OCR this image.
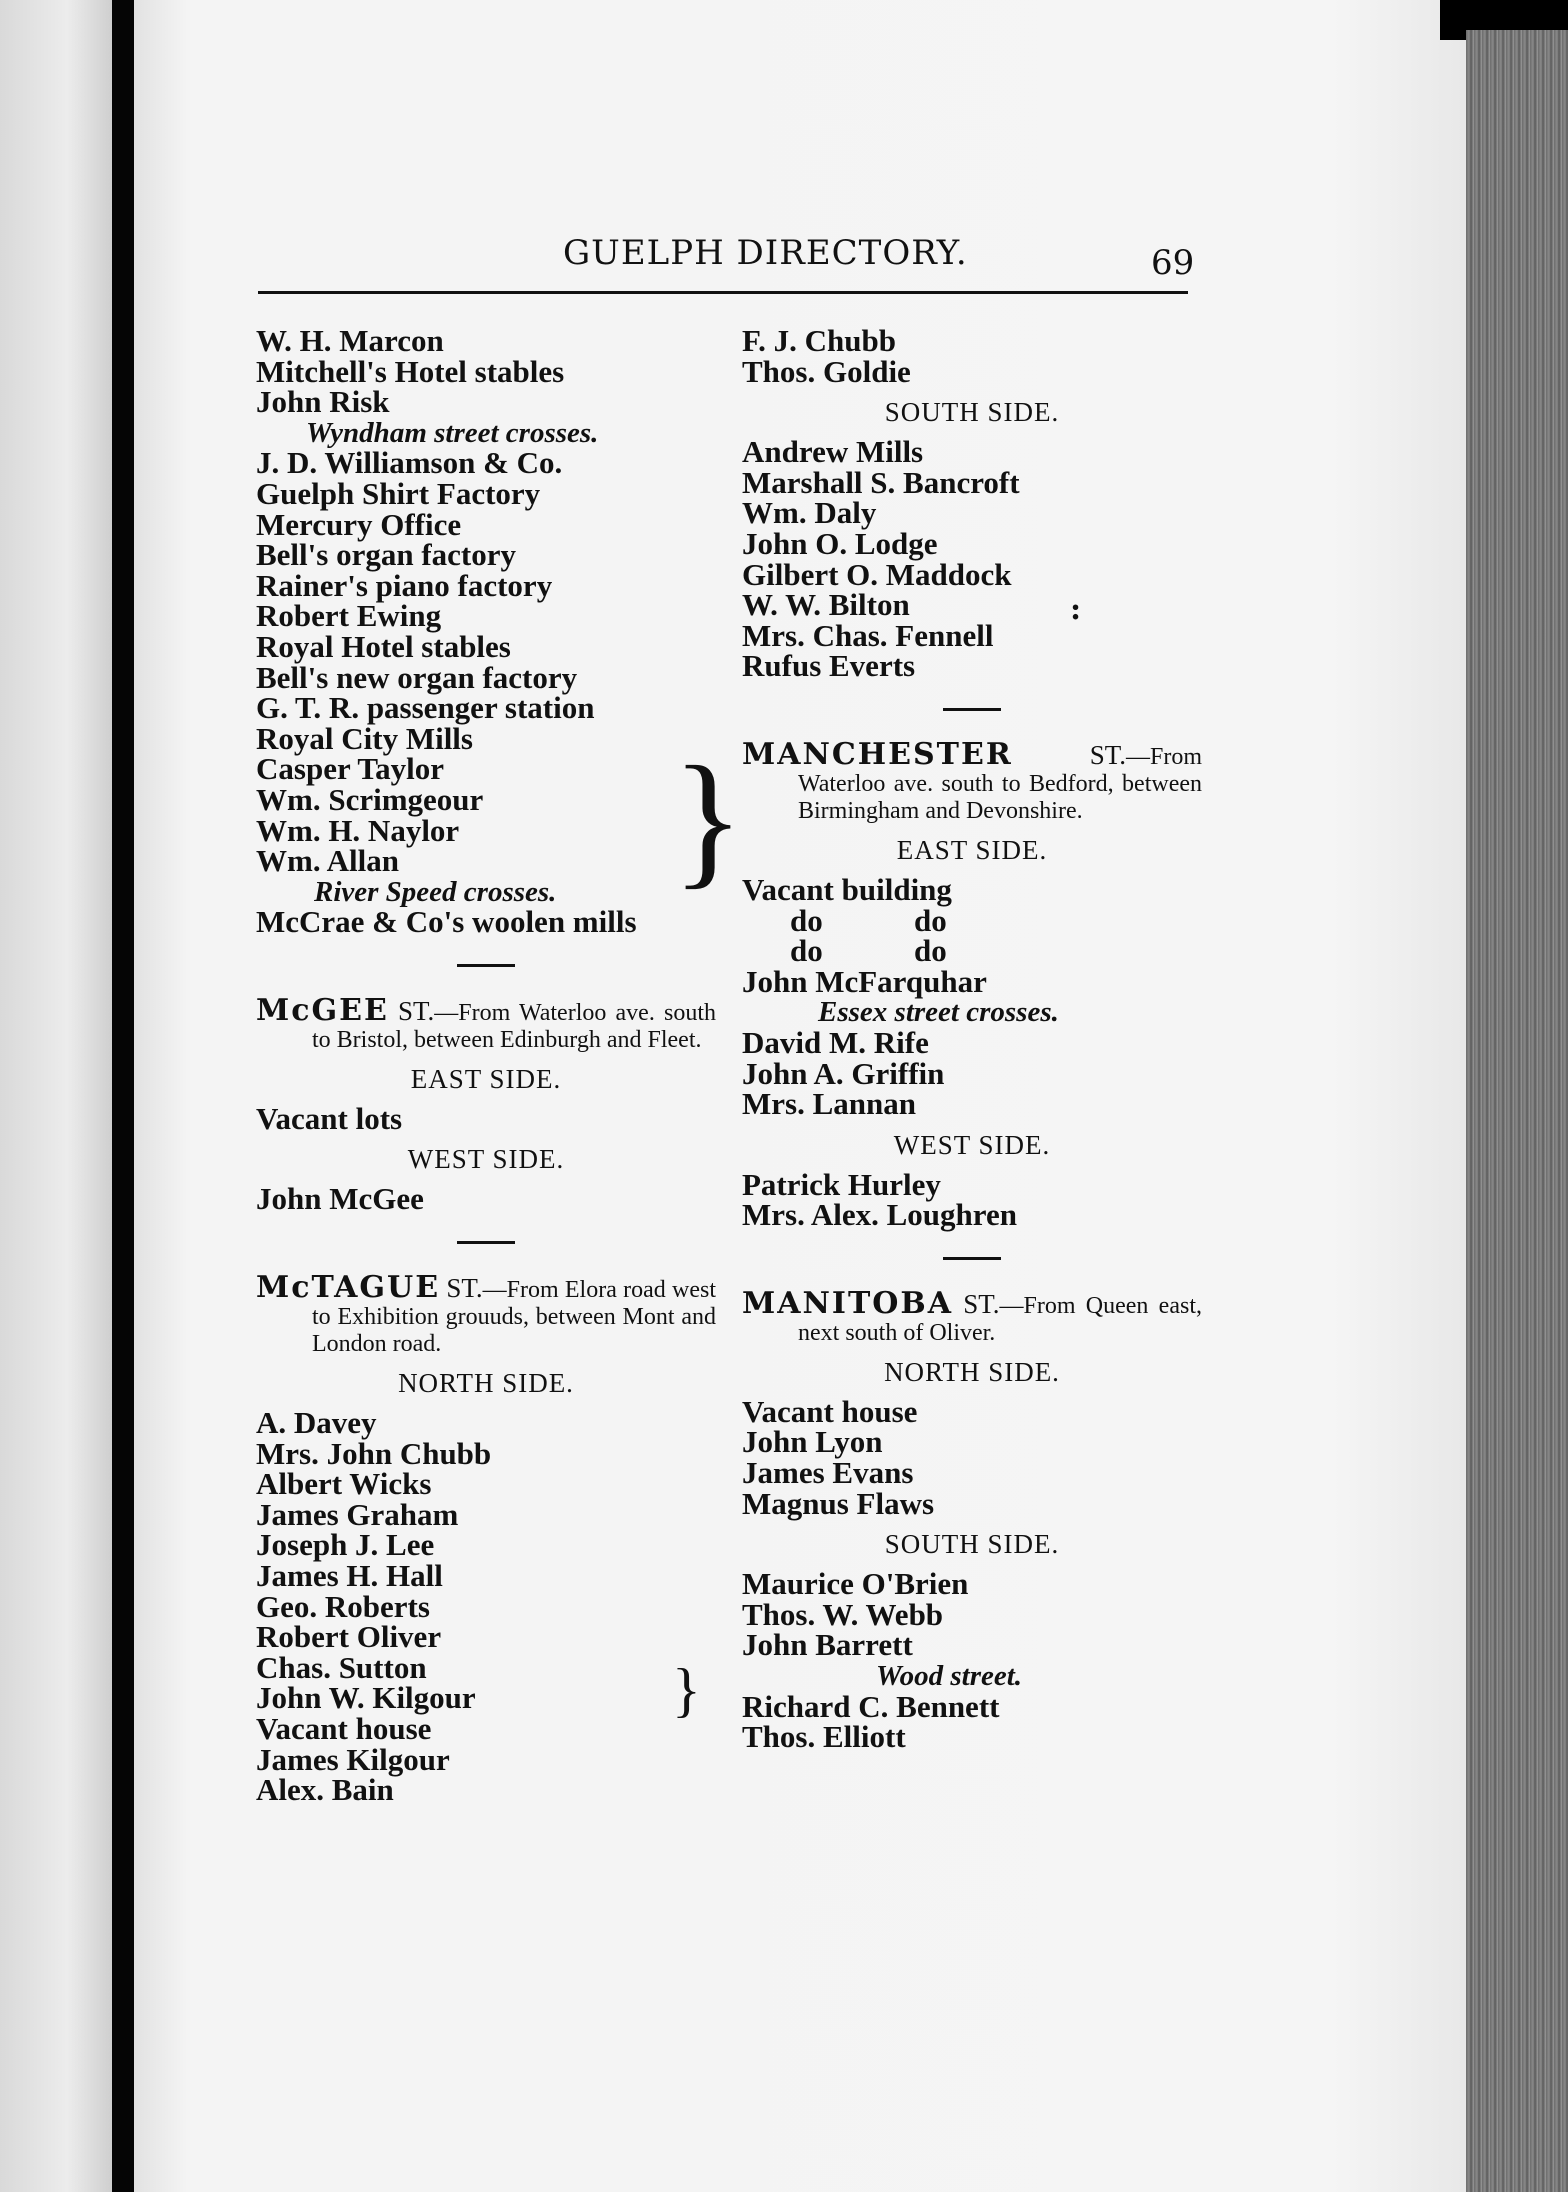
GUELPH DIRECTORY.	69
W. H. Marcon
Mitchell's Hotel stables
John Risk
Wyndham street crosses.
J. D. Williamson & Co.
Guelph Shirt Factory
Mercury Office
Bell's organ factory
Rainer's piano factory
Robert Ewing
Royal Hotel stables
Bell's new organ factory
G. T. R. passenger station
Royal City Mills
Casper Taylor
Wm. Scrimgeour
Wm. H. Naylor
Wm. Allan
River Speed crosses.
McCrae & Co's woolen mills
McGEE ST.—From Waterloo ave. south to Bristol, between Edinburgh and Fleet.
EAST SIDE.
Vacant lots
WEST SIDE.
John McGee
McTAGUE ST.—From Elora road west to Exhibition grouuds, between Mont and London road.
NORTH SIDE.
A. Davey
Mrs. John Chubb
Albert Wicks
James Graham
Joseph J. Lee
James H. Hall
Geo. Roberts
Robert Oliver
Chas. Sutton
John W. Kilgour
Vacant house
James Kilgour
Alex. Bain
F. J. Chubb
Thos. Goldie
SOUTH SIDE.
Andrew Mills
Marshall S. Bancroft
Wm. Daly
John O. Lodge
Gilbert O. Maddock
W. W. Bilton
Mrs. Chas. Fennell
Rufus Everts
MANCHESTER	ST.—From Waterloo ave. south to Bedford, between Birmingham and Devonshire.
EAST SIDE.
Vacant building
do	do
do	do
John McFarquhar
Essex street crosses.
David M. Rife
John A. Griffin
Mrs. Lannan
WEST SIDE.
Patrick Hurley
Mrs. Alex. Loughren
MANITOBA ST.—From Queen east, next south of Oliver.
NORTH SIDE.
Vacant house
John Lyon
James Evans
Magnus Flaws
SOUTH SIDE.
Maurice O'Brien
Thos. W. Webb
John Barrett
Wood street.
Richard C. Bennett
Thos. Elliott
}
}
:
